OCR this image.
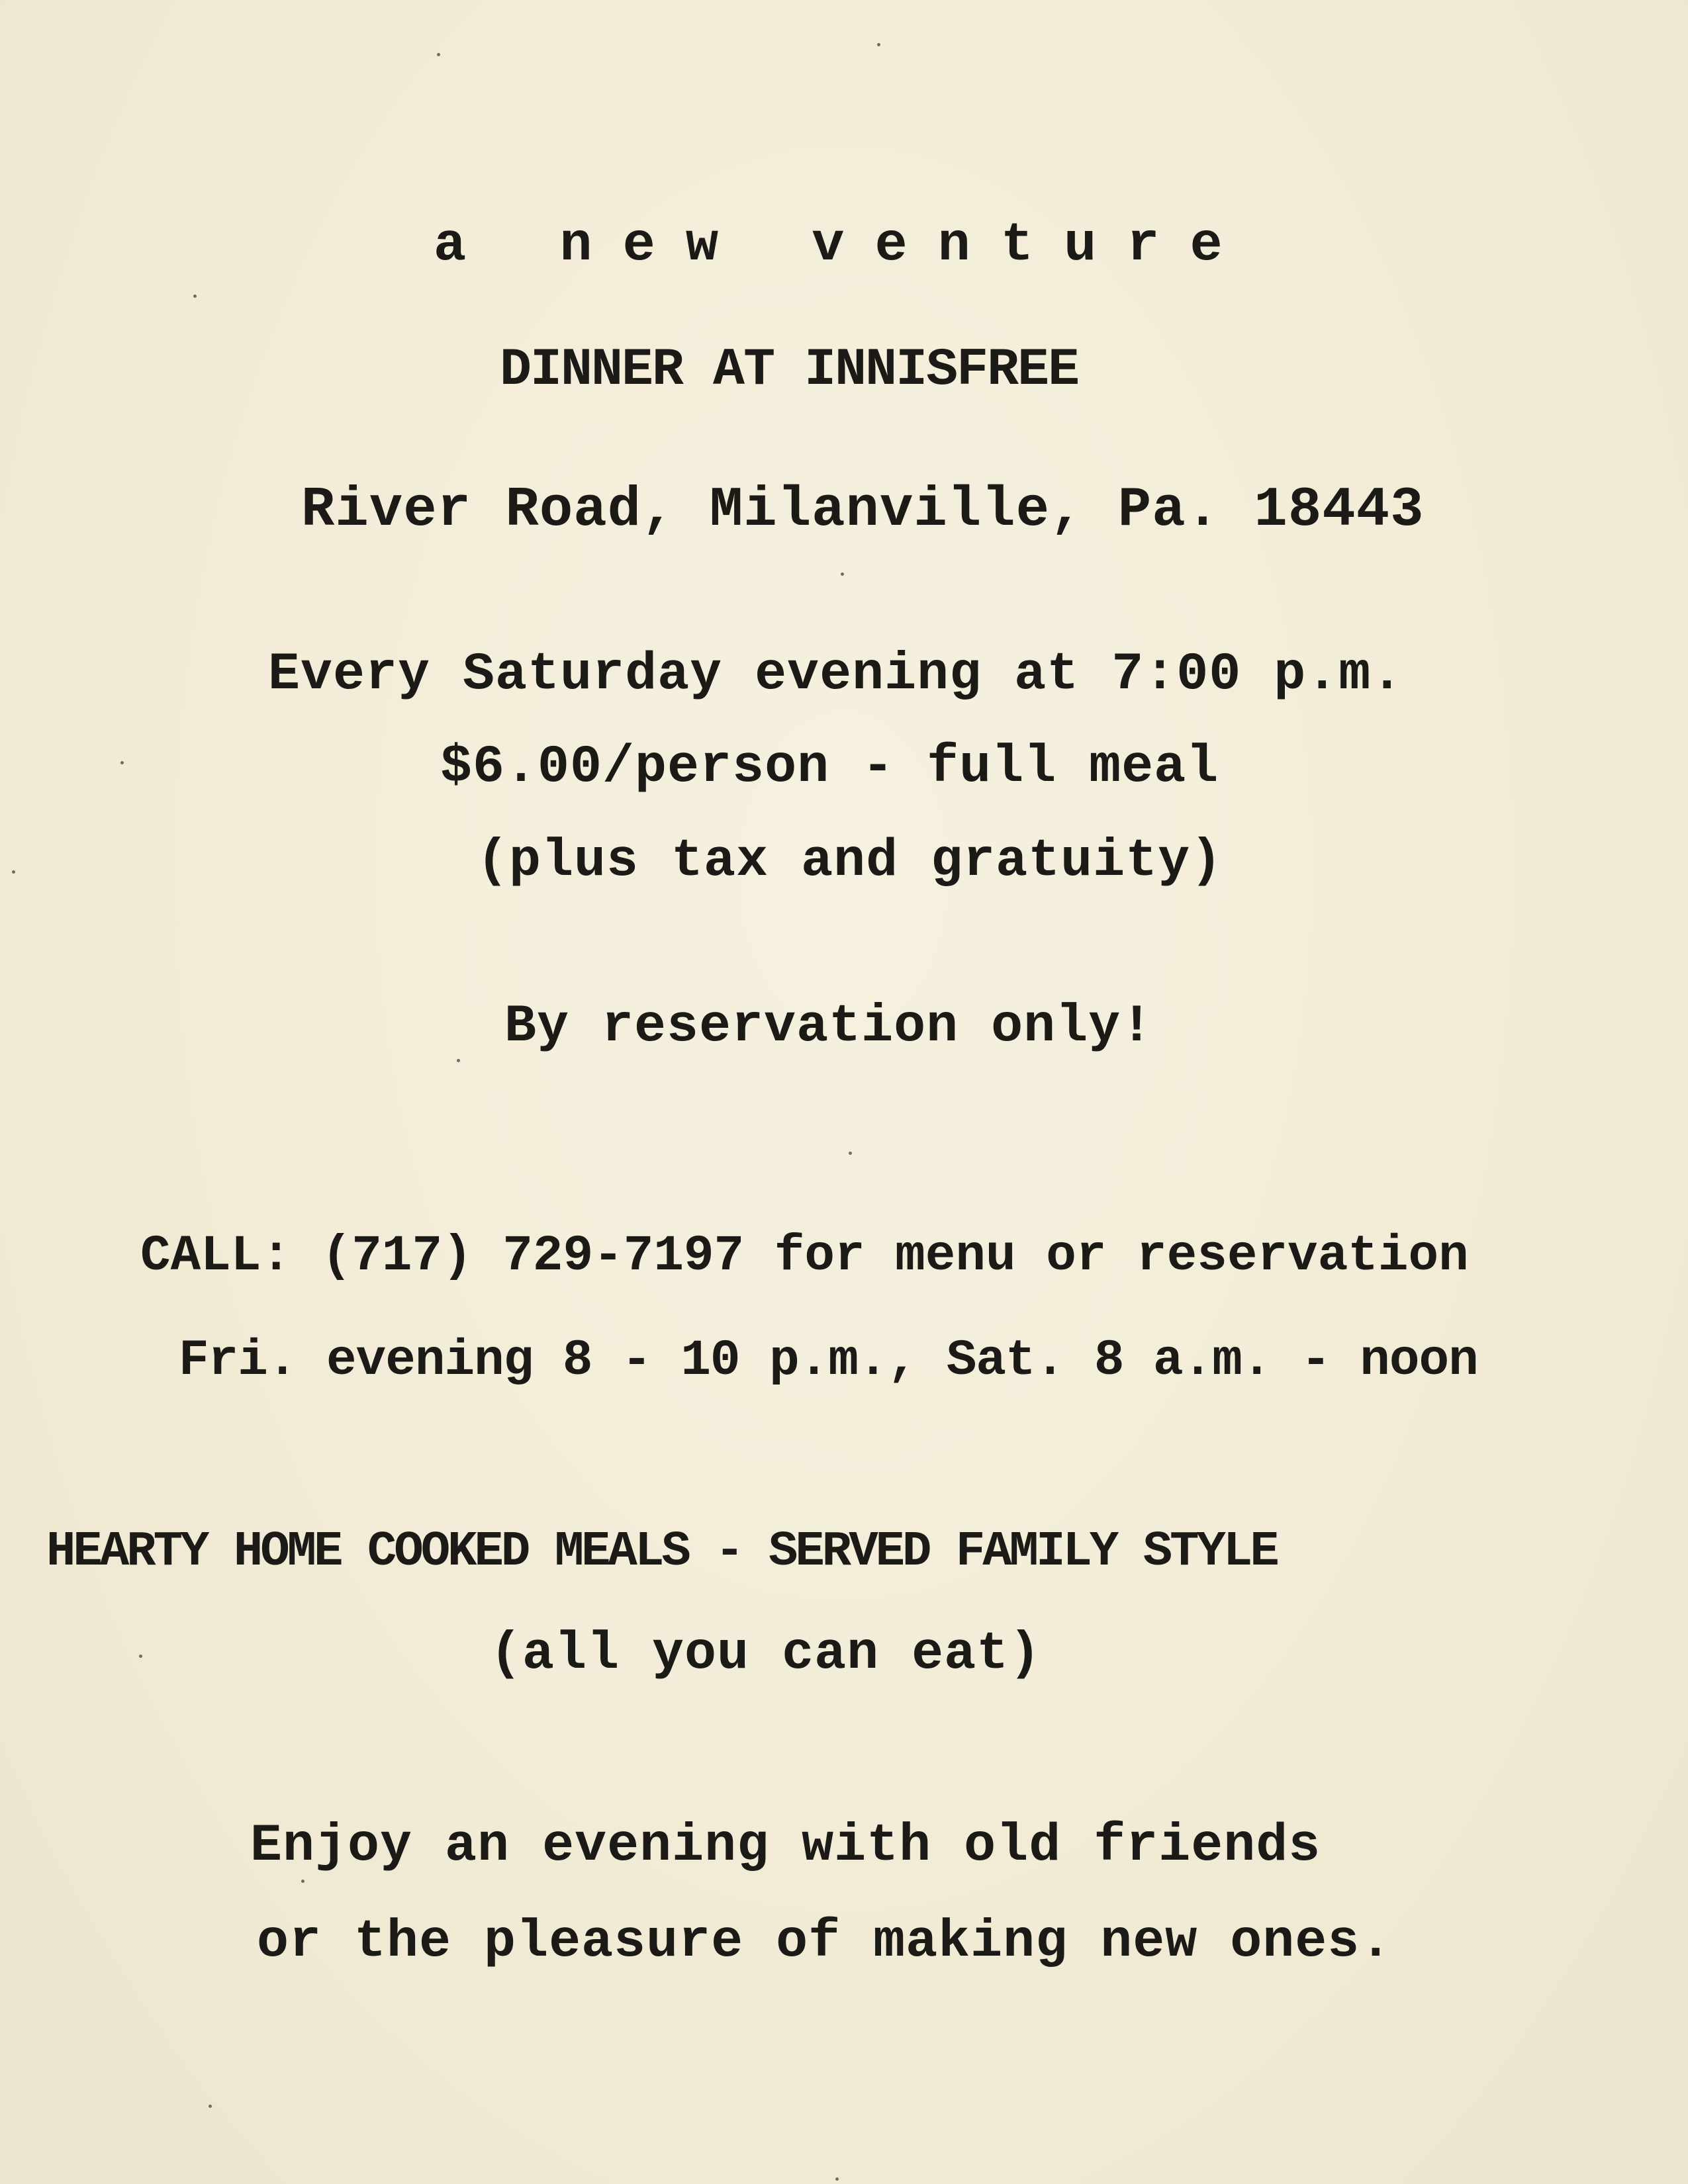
a new venture
DINNER AT INNISFREE
River Road, Milanville, Pa. 18443
Every Saturday evening at 7:00 p.m.
$6.00/person - full meal
(plus tax and gratuity)
By reservation only!
CALL: (717) 729-7197 for menu or reservation
Fri. evening 8 - 10 p.m., Sat. 8 a.m. - noon
HEARTY HOME COOKED MEALS - SERVED FAMILY STYLE
(all you can eat)
Enjoy an evening with old friends
or the pleasure of making new ones.
